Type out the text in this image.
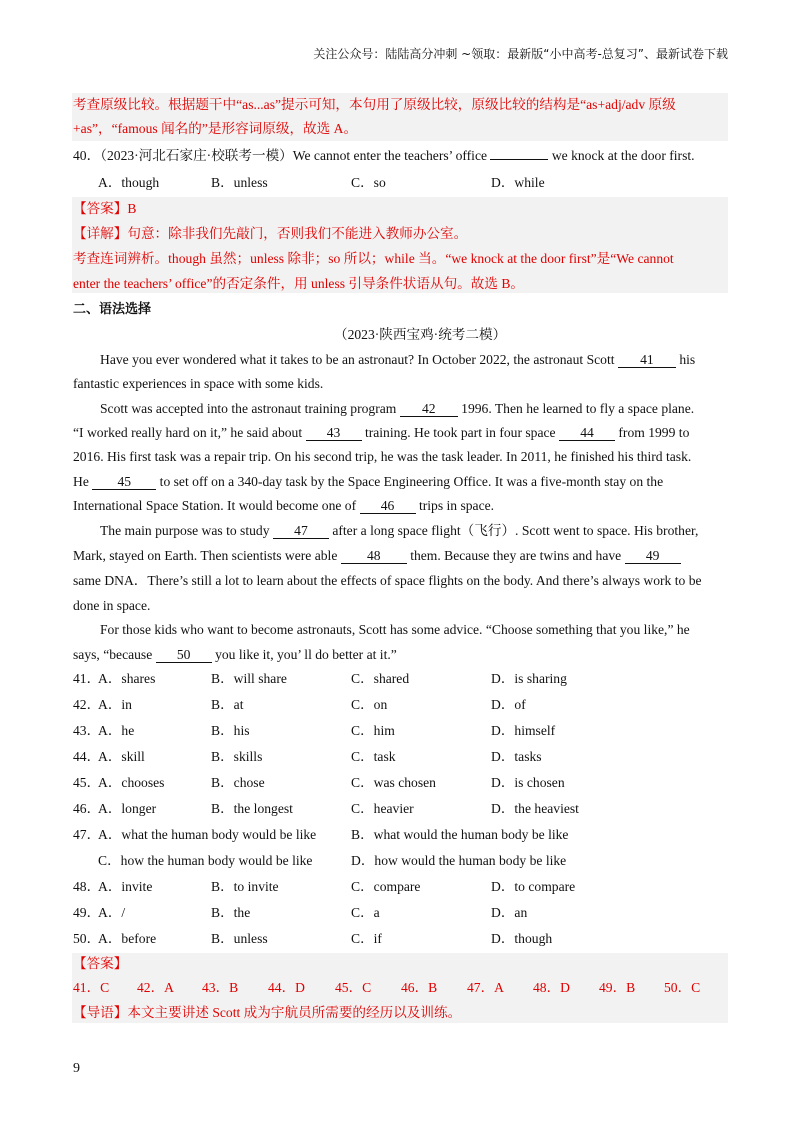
关注公众号：陆陆高分冲刺 ~领取：最新版“小中高考-总复习”、最新试卷下载
考查原级比较。根据题干中“as...as”提示可知，本句用了原级比较，原级比较的结构是“as+adj/adv 原级
+as”，“famous 闻名的”是形容词原级，故选 A。
40．（2023·河北石家庄·校联考一模）We cannot enter the teachers’ office	we knock at the door first.
A．though	B．unless	C．so	D．while
【答案】B
【详解】句意：除非我们先敲门，否则我们不能进入教师办公室。
考查连词辨析。though 虽然；unless 除非；so 所以；while 当。“we knock at the door first”是“We cannot
enter the teachers’ office”的否定条件，用 unless 引导条件状语从句。故选 B。
二、语法选择
（2023·陕西宝鸡·统考二模）
Have you ever wondered what it takes to be an astronaut? In October 2022, the astronaut Scott 41 his
fantastic experiences in space with some kids.
Scott was accepted into the astronaut training program 42 1996. Then he learned to fly a space plane.
“I worked really hard on it,” he said about 43 training. He took part in four space 44 from 1999 to
2016. His first task was a repair trip. On his second trip, he was the task leader. In 2011, he finished his third task.
He 45 to set off on a 340-day task by the Space Engineering Office. It was a five-month stay on the
International Space Station. It would become one of 46 trips in space.
The main purpose was to study 47 after a long space flight（飞行）. Scott went to space. His brother,
Mark, stayed on Earth. Then scientists were able 48 them. Because they are twins and have 49
same DNA．There’s still a lot to learn about the effects of space flights on the body. And there’s always work to be
done in space.
For those kids who want to become astronauts, Scott has some advice. “Choose something that you like,” he
says, “because 50 you like it, you’ ll do better at it.”
41．
A．shares	B．will share	C．shared	D．is sharing
42．
A．in	B．at	C．on	D．of
43．
A．he	B．his	C．him	D．himself
44．
A．skill	B．skills	C．task	D．tasks
45．
A．chooses	B．chose	C．was chosen	D．is chosen
46．
A．longer	B．the longest	C．heavier	D．the heaviest
47．
A．what the human body would be like	B．what would the human body be like
C．how the human body would be like	D．how would the human body be like
48．
A．invite	B．to invite	C．compare	D．to compare
49．
A．/	B．the	C．a	D．an
50．
A．before	B．unless	C．if	D．though
【答案】
41．C 42．A 43．B 44．D 45．C 46．B 47．A 48．D 49．B 50．C
【导语】本文主要讲述 Scott 成为宇航员所需要的经历以及训练。
9
